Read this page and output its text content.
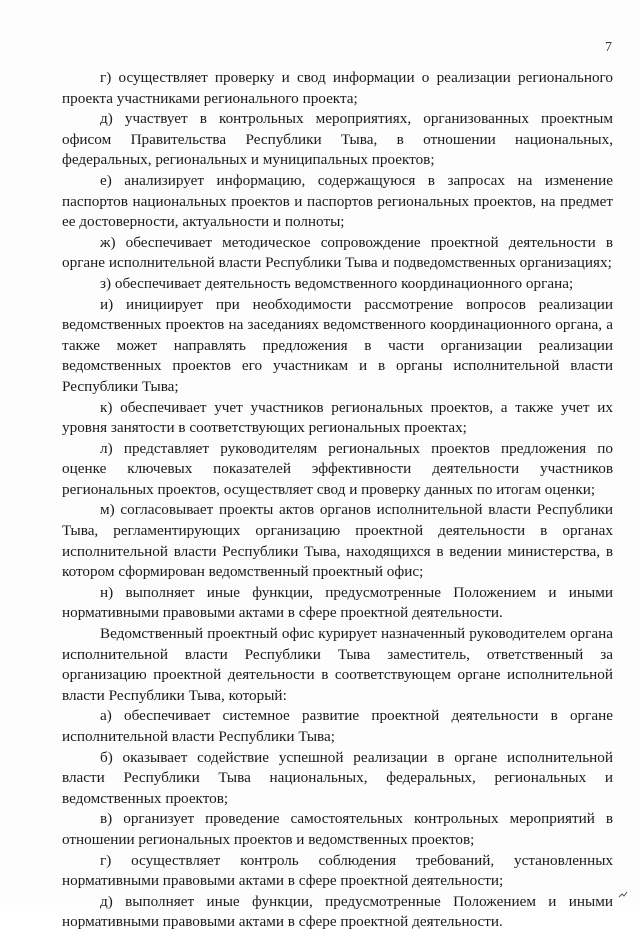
7

г) осуществляет проверку и свод информации о реализации регионального проекта участниками регионального проекта;

д) участвует в контрольных мероприятиях, организованных проектным офисом Правительства Республики Тыва, в отношении национальных, федеральных, региональных и муниципальных проектов;

е) анализирует информацию, содержащуюся в запросах на изменение паспортов национальных проектов и паспортов региональных проектов, на предмет ее достоверности, актуальности и полноты;

ж) обеспечивает методическое сопровождение проектной деятельности в органе исполнительной власти Республики Тыва и подведомственных организациях;

з) обеспечивает деятельность ведомственного координационного органа;

и) инициирует при необходимости рассмотрение вопросов реализации ведомственных проектов на заседаниях ведомственного координационного органа, а также может направлять предложения в части организации реализации ведомственных проектов его участникам и в органы исполнительной власти Республики Тыва;

к) обеспечивает учет участников региональных проектов, а также учет их уровня занятости в соответствующих региональных проектах;

л) представляет руководителям региональных проектов предложения по оценке ключевых показателей эффективности деятельности участников региональных проектов, осуществляет свод и проверку данных по итогам оценки;

м) согласовывает проекты актов органов исполнительной власти Республики Тыва, регламентирующих организацию проектной деятельности в органах исполнительной власти Республики Тыва, находящихся в ведении министерства, в котором сформирован ведомственный проектный офис;

н) выполняет иные функции, предусмотренные Положением и иными нормативными правовыми актами в сфере проектной деятельности.

Ведомственный проектный офис курирует назначенный руководителем органа исполнительной власти Республики Тыва заместитель, ответственный за организацию проектной деятельности в соответствующем органе исполнительной власти Республики Тыва, который:

а) обеспечивает системное развитие проектной деятельности в органе исполнительной власти Республики Тыва;

б) оказывает содействие успешной реализации в органе исполнительной власти Республики Тыва национальных, федеральных, региональных и ведомственных проектов;

в) организует проведение самостоятельных контрольных мероприятий в отношении региональных проектов и ведомственных проектов;

г) осуществляет контроль соблюдения требований, установленных нормативными правовыми актами в сфере проектной деятельности;

д) выполняет иные функции, предусмотренные Положением и иными нормативными правовыми актами в сфере проектной деятельности.
